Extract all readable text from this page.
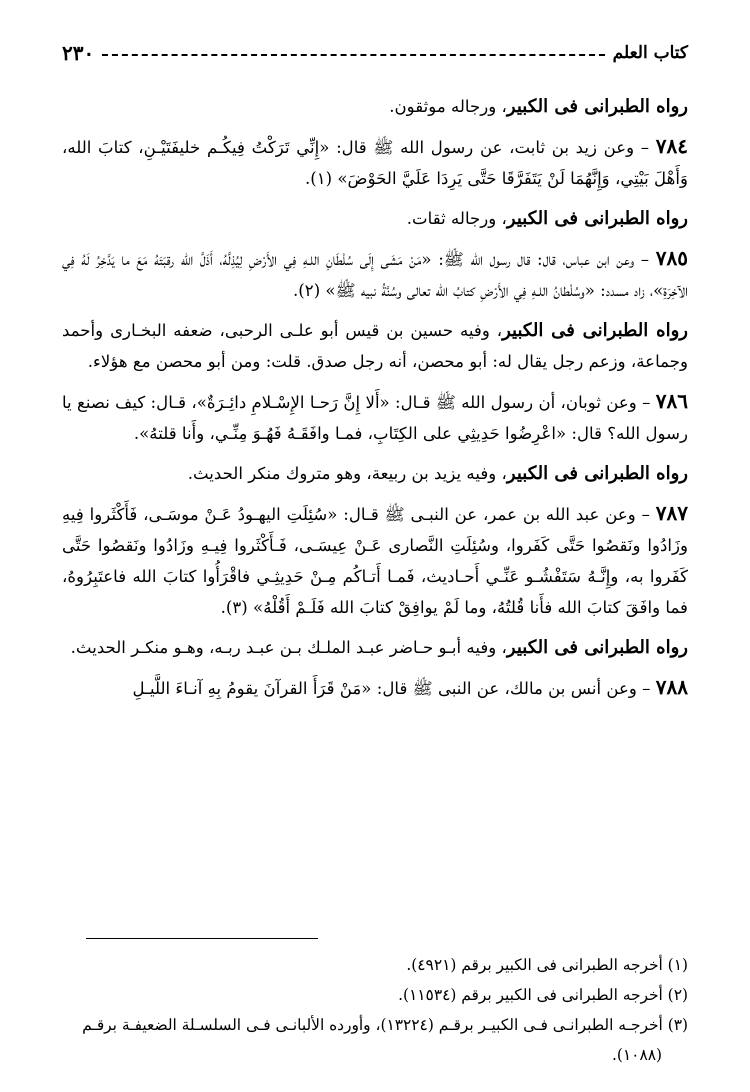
كتاب العلم
٢٣٠

رواه الطبرانى فى الكبير، ورجاله موثقون.

٧٨٤ – وعن زيد بن ثابت، عن رسول الله ﷺ قال: «إِنِّي تَرَكْتُ فِيكُـم خليفَتَيْـنِ، كتابَ الله، وَأَهْلَ بَيْتِي، وَإِنَّهُمَا لَنْ يَتَفَرَّقَا حَتَّى يَرِدَا عَلَيَّ الحَوْضَ» (١).

رواه الطبرانى فى الكبير، ورجاله ثقات.

٧٨٥ – وعن ابن عباس، قال: قال رسول الله ﷺ: «مَنْ مَشَى إِلَى سُلْطَانِ اللـهِ فِي الأَرْضِ لِيُذِلَّهُ، أَذَلَّ الله رقبَتَهُ مَعَ ما يَدَّخِرُ لَهُ فِي الآخِرَةِ»، زاد مسدد: «وسُلْطانُ اللـهِ فِي الأَرْضِ كتابُ الله تعالى وسُنَّةُ نبيه ﷺ» (٢).

رواه الطبرانى فى الكبير، وفيه حسين بن قيس أبو علـى الرحبى، ضعفه البخـارى وأحمد وجماعة، وزعم رجل يقال له: أبو محصن، أنه رجل صدق. قلت: ومن أبو محصن مع هؤلاء.

٧٨٦ – وعن ثوبان، أن رسول الله ﷺ قـال: «أَلا إِنَّ رَحـا الإِسْـلامِ دائِـرَةٌ»، قـال: كيف نصنع يا رسول الله؟ قال: «اعْرِضُوا حَدِيثِي على الكِتَابِ، فمـا وافَقَـهُ فَهُـوَ مِنِّـي، وأَنا قلتهُ».

رواه الطبرانى فى الكبير، وفيه يزيد بن ربيعة، وهو متروك منكر الحديث.

٧٨٧ – وعن عبد الله بن عمر، عن النبـى ﷺ قـال: «سُئِلَتِ اليهـودُ عَـنْ موسَـى، فَأَكْثَروا فِيهِ وزَادُوا ونَقصُوا حَتَّى كَفَروا، وسُئِلَتِ النَّصارى عَـنْ عِيسَـى، فَـأَكْثَروا فِيـهِ وزَادُوا ونَقصُوا حَتَّى كَفَروا به، وإِنَّـهُ سَتَفْشُـو عَنِّـي أَحـاديث، فَمـا أَتـاكُم مِـنْ حَدِيثِـي فاقْرَأُوا كتابَ الله فاعتَبِرُوهُ، فما وافَقَ كتابَ الله فأَنا قُلتُهُ، وما لَمْ يوافِقْ كتابَ الله فَلَـمْ أَقُلْهُ» (٣).

رواه الطبرانى فى الكبير، وفيه أبـو حـاضر عبـد الملـك بـن عبـد ربـه، وهـو منكـر الحديث.

٧٨٨ – وعن أنس بن مالك، عن النبى ﷺ قال: «مَنْ قَرَأَ القرآنَ يقومُ بِهِ آنـاءَ اللَّيـلِ

(١) أخرجه الطبرانى فى الكبير برقم (٤٩٢١).

(٢) أخرجه الطبرانى فى الكبير برقم (١١٥٣٤).

(٣) أخرجـه الطبرانـى فـى الكبيـر برقـم (١٣٢٢٤)، وأورده الألبانـى فـى السلسـلة الضعيفـة برقـم

(١٠٨٨).
